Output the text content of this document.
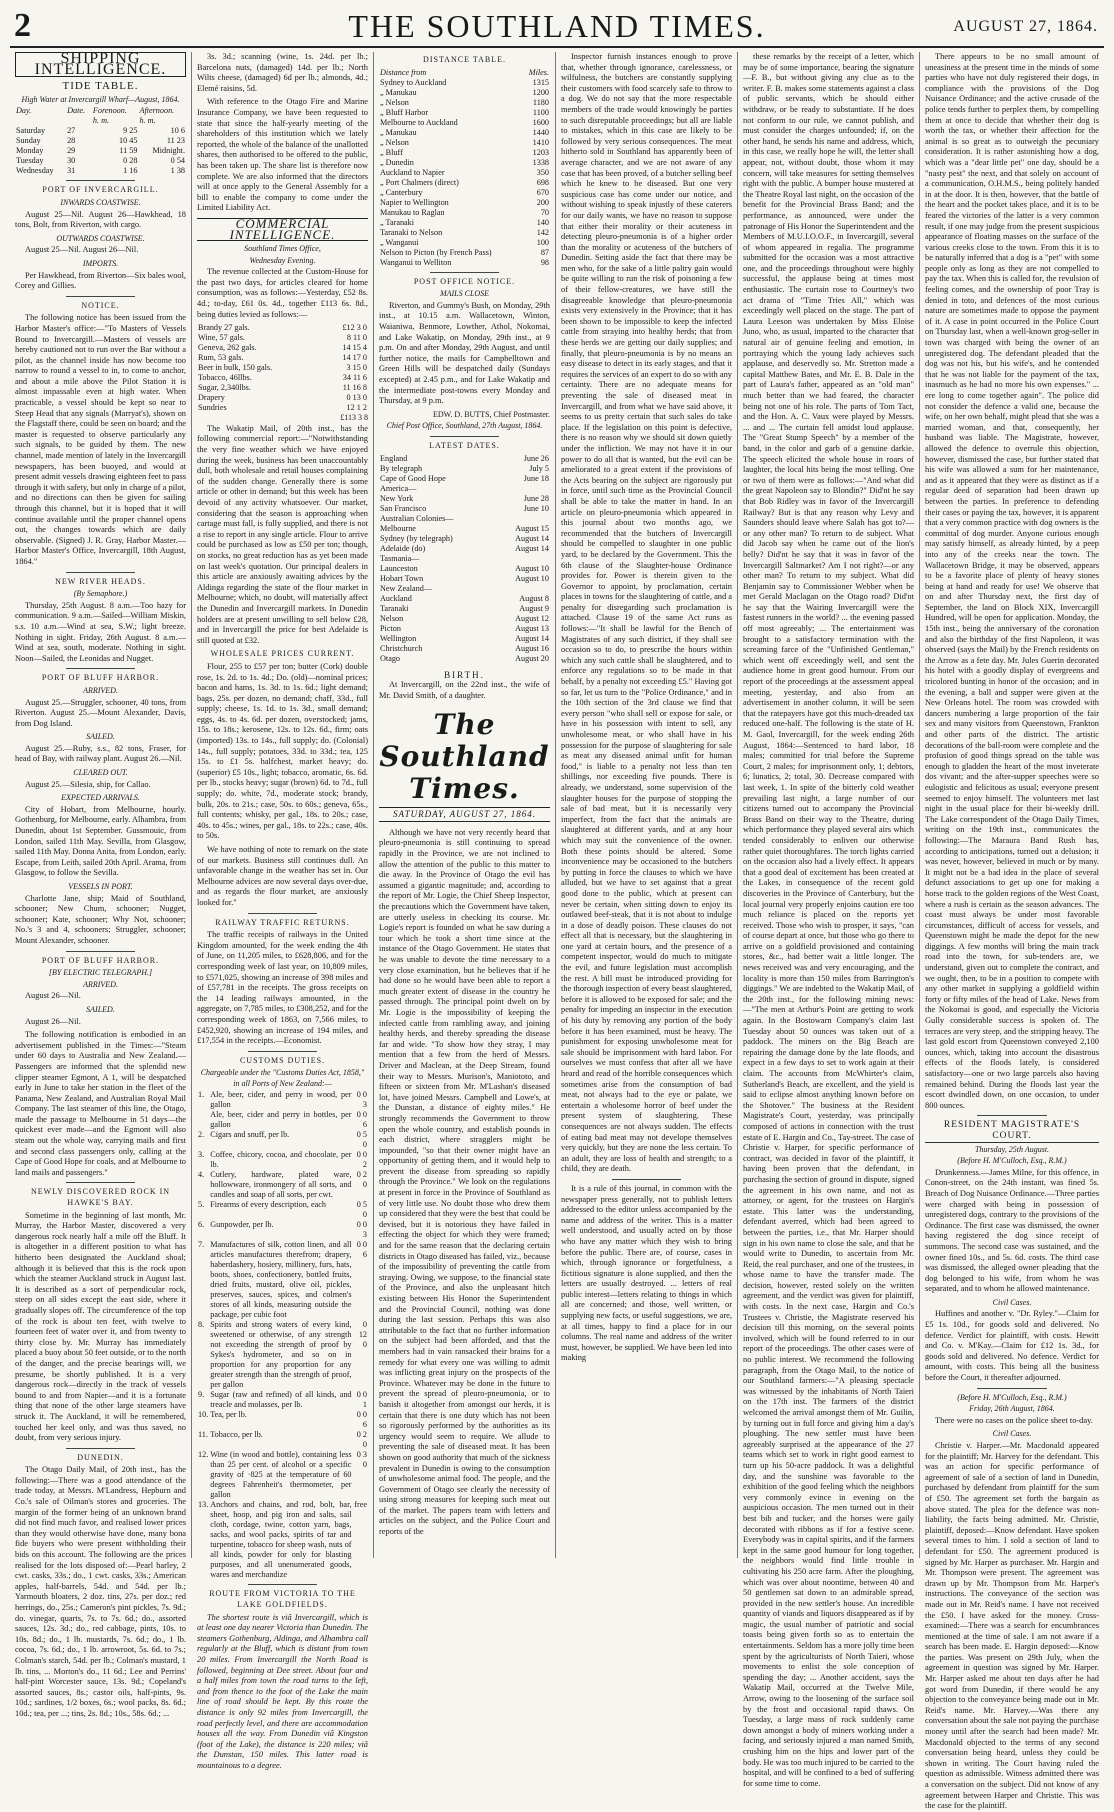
2	THE SOUTHLAND TIMES.	AUGUST 27, 1864.
SHIPPING INTELLIGENCE.
TIDE TABLE.
High Water at Invercargill Wharf—August, 1864.
Day.	Date.	Forenoon.	Afternoon.
		h. m.	h. m.
Saturday	27	9 25	10 6
Sunday	28	10 45	11 23
Monday	29	11 59	Midnight.
Tuesday	30	0 28	0 54
Wednesday	31	1 16	1 38
PORT OF INVERCARGILL.
INWARDS COASTWISE.

August 25—Nil. August 26—Hawkhead, 18 tons, Bolt, from Riverton, with cargo.

OUTWARDS COASTWISE.

August 25—Nil. August 26—Nil.

IMPORTS.

Per Hawkhead, from Riverton—Six bales wool, Corey and Gillies.

NOTICE.

The following notice has been issued from the Harbor Master's office:—"To Masters of Vessels Bound to Invercargill.—Masters of vessels are hereby cautioned not to run over the Bar without a pilot, as the channel inside has now become too narrow to round a vessel to in, to come to anchor, and about a mile above the Pilot Station it is almost impassable even at high water. When practicable, a vessel should be kept so near to Steep Head that any signals (Marryat's), shown on the Flagstaff there, could be seen on board; and the master is requested to observe particularly any such signals, to be guided by them. The new channel, made mention of lately in the Invercargill newspapers, has been buoyed, and would at present admit vessels drawing eighteen feet to pass through it with safety, but only in charge of a pilot, and no directions can then be given for sailing through this channel, but it is hoped that it will continue available until the proper channel opens out, the changes towards which are daily observable. (Signed) J. R. Gray, Harbor Master.—Harbor Master's Office, Invercargill, 18th August, 1864."

NEW RIVER HEADS.
(By Semaphore.)

Thursday, 25th August. 8 a.m.—Too hazy for communication. 9 a.m.—Sailed—William Miskin, s.s. 10 a.m.—Wind at sea, S.W.; light breeze. Nothing in sight. Friday, 26th August. 8 a.m.—Wind at sea, south, moderate. Nothing in sight. Noon—Sailed, the Leonidas and Nugget.

PORT OF BLUFF HARBOR.
ARRIVED.

August 25.—Struggler, schooner, 40 tons, from Riverton. August 25.—Mount Alexander, Davis, from Dog Island.

SAILED.

August 25.—Ruby, s.s., 82 tons, Fraser, for head of Bay, with railway plant. August 26.—Nil.

CLEARED OUT.

August 25.—Silesia, ship, for Callao.

EXPECTED ARRIVALS.

City of Hobart, from Melbourne, hourly. Gothenburg, for Melbourne, early. Alhambra, from Dunedin, about 1st September. Gussmouic, from London, sailed 11th May. Sevilla, from Glasgow, sailed 11th May. Donna Anita, from London, early. Escape, from Leith, sailed 20th April. Arama, from Glasgow, to follow the Sevilla.

VESSELS IN PORT.

Charlotte Jane, ship; Maid of Southland, schooner; New Chum, schooner; Nugget, schooner; Kate, schooner; Why Not, schooner; No.'s 3 and 4, schooners; Struggler, schooner; Mount Alexander, schooner.

PORT OF BLUFF HARBOR.
[BY ELECTRIC TELEGRAPH.]
ARRIVED.

August 26—Nil.

SAILED.

August 26—Nil.

The following notification is embodied in an advertisement published in the Times:—"Steam under 60 days to Australia and New Zealand.—Passengers are informed that the splendid new clipper steamer Egmont, A 1, will be despatched early in June to take her station in the fleet of the Panama, New Zealand, and Australian Royal Mail Company. The last steamer of this line, the Otago, made the passage to Melbourne in 51 days—the quickest ever made—and the Egmont will also steam out the whole way, carrying mails and first and second class passengers only, calling at the Cape of Good Hope for coals, and at Melbourne to land mails and passengers."

NEWLY DISCOVERED ROCK IN HAWKE'S BAY.

Sometime in the beginning of last month, Mr. Murray, the Harbor Master, discovered a very dangerous rock nearly half a mile off the Bluff. It is altogether in a different position to what has hitherto been designated the Auckland shoal; although it is believed that this is the rock upon which the steamer Auckland struck in August last. It is described as a sort of perpendicular rock, steep on all sides except the east side, where it gradually slopes off. The circumference of the top of the rock is about ten feet, with twelve to fourteen feet of water over it, and from twenty to thirty close by. Mr. Murray has immediately placed a buoy about 50 feet outside, or to the north of the danger, and the precise bearings will, we presume, be shortly published. It is a very dangerous rock—directly in the track of vessels bound to and from Napier—and it is a fortunate thing that none of the other large steamers have struck it. The Auckland, it will be remembered, touched her keel only, and was thus saved, no doubt, from very serious injury.

DUNEDIN.

The Otago Daily Mail, of 20th inst., has the following:—There was a good attendance of the trade today, at Messrs. M'Landress, Hepburn and Co.'s sale of Oilman's stores and groceries. The margin of the former being of an unknown brand did not find much favor, and realised lower prices than they would otherwise have done, many bona fide buyers who were present withholding their bids on this account. The following are the prices realised for the lots disposed of:—Pearl barley, 2 cwt. casks, 33s.; do., 1 cwt. casks, 33s.; American apples, half-barrels, 54d. and 54d. per lb.; Yarmouth bloaters, 2 doz. tins, 27s. per doz.; red herrings, do., 25s.; Cameron's pint pickles, 7s. 9d.; do. vinegar, quarts, 7s. to 7s. 6d.; do., assorted sauces, 12s. 3d.; do., red cabbage, pints, 10s. to 10s. 8d.; do., 1 lb. mustards, 7s. 6d.; do., 1 lb. cocoa, 7s. 6d.; do., 1 lb. arrowroot, 5s. 6d. to 7s.; Colman's starch, 54d. per lb.; Colman's mustard, 1 lb. tins, ... Morton's do., 11 6d.; Lee and Perrins' half-pint Worcester sauce, 13s. 9d.; Copeland's assorted sauces, 8s.; castor oils, half-pints, 9s. 10d.; sardines, 1/2 boxes, 6s.; wool packs, 8s. 6d.; 10d.; tea, per ...; tins, 2s. 8d.; 10s., 58s. 6d.; ...

3s. 3d.; scanning (wine, 1s. 24d. per lb.; Barcelona nuts, (damaged) 14d. per lb.; North Wilts cheese, (damaged) 6d per lb.; almonds, 4d.; Elemé raisins, 5d.

With reference to the Otago Fire and Marine Insurance Company, we have been requested to state that since the half-yearly meeting of the shareholders of this institution which we lately reported, the whole of the balance of the unallotted shares, then authorised to be offered to the public, has been taken up. The share list is therefore now complete. We are also informed that the directors will at once apply to the General Assembly for a bill to enable the company to come under the Limited Liability Act.

COMMERCIAL INTELLIGENCE.
Southland Times Office,
Wednesday Evening.

The revenue collected at the Custom-House for the past two days, for articles cleared for home consumption, was as follows:—Yesterday, £52 8s. 4d.; to-day, £61 0s. 4d., together £113 6s. 8d., being duties levied as follows:—

Brandy 27 gals.	£12 3 0
Wine, 57 gals.	8 11 0
Geneva, 262 gals.	14 15 4
Rum, 53 gals.	14 17 0
Beer in bulk, 150 gals.	3 15 0
Tobacco, 46llbs.	34 11 6
Sugar, 2,340lbs.	11 16 8
Drapery	0 13 0
Sundries	12 1 2
£113 3 8

The Wakatip Mail, of 20th inst., has the following commercial report:—"Notwithstanding the very fine weather which we have enjoyed during the week, business has been unaccountably dull, both wholesale and retail houses complaining of the sudden change. Generally there is some article or other in demand; but this week has been devoid of any activity whatsoever. Our market, considering that the season is approaching when cartage must fall, is fully supplied, and there is not a rise to report in any single article. Flour to arrive could be purchased as low as £50 per ton; though, on stocks, no great reduction has as yet been made on last week's quotation. Our principal dealers in this article are anxiously awaiting advices by the Aldinga regarding the state of the flour market in Melbourne; which, no doubt, will materially affect the Dunedin and Invercargill markets. In Dunedin holders are at present unwilling to sell below £28, and in Invercargill the price for best Adelaide is still quoted at £32.

WHOLESALE PRICES CURRENT.

Flour, 255 to £57 per ton; butter (Cork) double rose, 1s. 2d. to 1s. 4d.; Do. (old)—nominal prices; bacon and hams, 1s. 3d. to 1s. 6d.; light demand; bags, 25s. per dozen, no demand; chaff, 33d., full supply; cheese, 1s. 1d. to 1s. 3d., small demand; eggs, 4s. to 4s. 6d. per dozen, overstocked; jams, 15s. to 18s.; kerosene, 12s. to 12s. 6d., firm; oats (imported) 13s. to 14s., full supply; do. (Colonial) 14s., full supply; potatoes, 33d. to 33d.; tea, 125 15s. to £1 5s. halfchest, market heavy; do. (superior) £5 10s., light; tobacco, aromatic, 6s. 6d. per lb., stocks heavy; sugar (brown) 6d. to 7d., full supply; do. white, 7d., moderate stock; brandy, bulk, 20s. to 21s.; case, 50s. to 60s.; geneva, 65s., full contents; whisky, per gal., 18s. to 20s.; case, 40s. to 45s.; wines, per gal., 18s. to 22s.; case, 40s. to 50s.

We have nothing of note to remark on the state of our markets. Business still continues dull. An unfavorable change in the weather has set in. Our Melbourne advices are now several days over-due, and as regards the flour market, are anxiously looked for."

RAILWAY TRAFFIC RETURNS.

The traffic receipts of railways in the United Kingdom amounted, for the week ending the 4th of June, on 11,205 miles, to £628,806, and for the corresponding week of last year, on 10,809 miles, to £571,025, showing an increase of 398 miles and of £57,781 in the receipts. The gross receipts on the 14 leading railways amounted, in the aggregate, on 7,785 miles, to £308,252, and for the corresponding week of 1863, on 7,566 miles, to £452,920, showing an increase of 194 miles, and £17,554 in the receipts.—Economist.

CUSTOMS DUTIES.
Chargeable under the "Customs Duties Act, 1858," in all Ports of New Zealand:—
1.	Ale, beer, cider, and perry in wood, per gallon	0 0 3
	Ale, beer, cider and perry in bottles, per gallon	0 0 6
2.	Cigars and snuff, per lb.	0 5 0
3.	Coffee, chicory, cocoa, and chocolate, per lb.	0 0 2
4.	Cutlery, hardware, plated ware, hollowware, ironmongery of all sorts, and candles and soap of all sorts, per cwt.	0 2 0
5.	Firearms of every description, each	0 5 0
6.	Gunpowder, per lb.	0 0 3
7.	Manufactures of silk, cotton linen, and all articles manufactures therefrom; drapery, haberdashery, hosiery, millinery, furs, hats, boots, shoes, confectionery, bottled fruits, dried fruits, mustard, olive oil, pickles, preserves, sauces, spices, and colmen's stores of all kinds, measuring outside the package, per cubic foot	0 0 6
8.	Spirits and strong waters of every kind, sweetened or otherwise, of any strength not exceeding the strength of proof by Sykes's hydrometer, and so on in proportion for any proportion for any greater strength than the strength of proof, per gallon	0 12 0
9.	Sugar (raw and refined) of all kinds, and treacle and molasses, per lb.	0 0 1
10.	Tea, per lb.	0 0 6
11.	Tobacco, per lb.	0 2 0
12.	Wine (in wood and bottle), containing less than 25 per cent. of alcohol or a specific gravity of ·825 at the temperature of 60 degrees Fahrenheit's thermometer, per gallon	0 3 0
13.	Anchors and chains, and rod, bolt, bar, sheet, hoop, and pig iron and salts, sail cloth, cordage, twine, cotton yarn, bags, sacks, and wool packs, spirits of tar and turpentine, tobacco for sheep wash, nuts of all kinds, powder for only for blasting purposes, and all unenumerated goods, wares and merchandize	free
ROUTE FROM VICTORIA TO THE LAKE GOLDFIELDS.

The shortest route is viâ Invercargill, which is at least one day nearer Victoria than Dunedin. The steamers Gothenburg, Aldinga, and Alhambra call regularly at the Bluff, which is distant from town 20 miles. From Invercargill the North Road is followed, beginning at Dee street. About four and a half miles from town the road turns to the left, and from thence to the foot of the Lake the main line of road should be kept. By this route the distance is only 92 miles from Invercargill, the road perfectly level, and there are accommodation houses all the way. From Dunedin viâ Kingston (foot of the Lake), the distance is 220 miles; viâ the Dunstan, 150 miles. This latter road is mountainous to a degree.

DISTANCE TABLE.
Distance from	Miles.
Sydney to Auckland	1315
„ Manukau	1200
„ Nelson	1180
„ Bluff Harbor	1100
Melbourne to Auckland	1600
„ Manukau	1440
„ Nelson	1410
„ Bluff	1203
„ Dunedin	1338
Auckland to Napier	350
„ Port Chalmers (direct)	698
„ Canterbury	670
Napier to Wellington	200
Manukau to Raglan	70
„ Taranaki	140
Taranaki to Nelson	142
„ Wanganui	100
Nelson to Picton (by French Pass)	87
Wanganui to Welliton	98
POST OFFICE NOTICE.
MAILS CLOSE

Riverton, and Gummy's Bush, on Monday, 29th inst., at 10.15 a.m. Wallacetown, Winton, Waianiwa, Benmore, Lowther, Athol, Nokomai, and Lake Wakatip, on Monday, 29th inst., at 9 p.m. On and after Monday, 29th August, and until further notice, the mails for Campbelltown and Green Hills will be despatched daily (Sundays excepted) at 2.45 p.m., and for Lake Wakatip and the intermediate post-towns every Monday and Thursday, at 9 p.m.

EDW. D. BUTTS, Chief Postmaster.
Chief Post Office, Southland, 27th August, 1864.
LATEST DATES.
England	June 26
By telegraph	July 5
Cape of Good Hope	June 18
America—	
New York	June 28
San Francisco	June 10
Australian Colonies—	
Melbourne	August 15
Sydney (by telegraph)	August 14
Adelaide (do)	August 14
Tasmania—	
Launceston	August 10
Hobart Town	August 10
New Zealand—	
Auckland	August 8
Taranaki	August 9
Nelson	August 12
Picton	August 13
Wellington	August 14
Christchurch	August 16
Otago	August 20
BIRTH.

At Invercargill, on the 22nd inst., the wife of Mr. David Smith, of a daughter.

The Southland Times.
SATURDAY, AUGUST 27, 1864.

Although we have not very recently heard that pleuro-pneumonia is still continuing to spread rapidly in the Province, we are not inclined to allow the attention of the public to this matter to die away. In the Province of Otago the evil has assumed a gigantic magnitude; and, according to the report of Mr. Logie, the Chief Sheep Inspector, the precautions which the Government have taken, are utterly useless in checking its course. Mr. Logie's report is founded on what he saw during a tour which he took a short time since at the instance of the Otago Government. He states that he was unable to devote the time necessary to a very close examination, but he believes that if he had done so he would have been able to report a much greater extent of disease in the country he passed through. The principal point dwelt on by Mr. Logie is the impossibility of keeping the infected cattle from rambling away, and joining healthy herds, and thereby spreading the disease far and wide. "To show how they stray, I may mention that a few from the herd of Messrs. Driver and Maclean, at the Deep Stream, found their way to Messrs. Murison's, Maniototo, and fifteen or sixteen from Mr. M'Lashan's diseased lot, have joined Messrs. Campbell and Lowe's, at the Dunstan, a distance of eighty miles." He strongly recommends the Government to throw open the whole country, and establish pounds in each district, where stragglers might be impounded, "so that their owner might have an opportunity of getting them, and it would help to prevent the disease from spreading so rapidly through the Province." We look on the regulations at present in force in the Province of Southland as of very little use. No doubt those who drew them up considered that they were the best that could be devised, but it is notorious they have failed in effecting the object for which they were framed; and for the same reason that the declaring certain districts in Otago diseased has failed, viz., because of the impossibility of preventing the cattle from straying. Owing, we suppose, to the financial state of the Province, and also the unpleasant hitch existing between His Honor the Superintendent and the Provincial Council, nothing was done during the last session. Perhaps this was also attributable to the fact that no further information on the subject had been afforded, and that the members had in vain ransacked their brains for a remedy for what every one was willing to admit was inflicting great injury on the prospects of the Province. Whatever may be done in the future to prevent the spread of pleuro-pneumonia, or to banish it altogether from amongst our herds, it is certain that there is one duty which has not been so rigorously performed by the authorities as its urgency would seem to require. We allude to preventing the sale of diseased meat. It has been shown on good authority that much of the sickness prevalent in Dunedin is owing to the consumption of unwholesome animal food. The people, and the Government of Otago see clearly the necessity of using strong measures for keeping such meat out of the market. The papers team with letters and articles on the subject, and the Police Court and reports of the

Inspector furnish instances enough to prove that, whether through ignorance, carelessness, or wilfulness, the butchers are constantly supplying their customers with food scarcely safe to throw to a dog. We do not say that the more respectable members of the trade would knowingly be parties to such disreputable proceedings; but all are liable to mistakes, which in this case are likely to be followed by very serious consequences. The meat hitherto sold in Southland has apparently been of average character, and we are not aware of any case that has been proved, of a butcher selling beef which he knew to be diseased. But one very suspicious case has come under our notice, and without wishing to speak injustly of these caterers for our daily wants, we have no reason to suppose that either their morality or their acuteness in detecting pleuro-pneumonia is of a higher order than the morality or acuteness of the butchers of Dunedin. Setting aside the fact that there may be men who, for the sake of a little paltry gain would be quite willing to run the risk of poisoning a few of their fellow-creatures, we have still the disagreeable knowledge that pleuro-pneumonia exists very extensively in the Province; that it has been shown to be impossible to keep the infected cattle from straying into healthy herds; that from these herds we are getting our daily supplies; and finally, that pleuro-pneumonia is by no means an easy disease to detect in its early stages, and that it requires the services of an expert to do so with any certainty. There are no adequate means for preventing the sale of diseased meat in Invercargill, and from what we have said above, it seems to us pretty certain that such sales do take place. If the legislation on this point is defective, there is no reason why we should sit down quietly under the infliction. We may not have it in our power to do all that is wanted, but the evil can be ameliorated to a great extent if the provisions of the Acts bearing on the subject are rigorously put in force, until such time as the Provincial Council shall be able to take the matter in hand. In an article on pleuro-pneumonia which appeared in this journal about two months ago, we recommended that the butchers of Invercargill should be compelled to slaughter in one public yard, to be declared by the Government. This the 6th clause of the Slaughter-house Ordinance provides for. Power is therein given to the Governor to appoint, by proclamation, certain places in towns for the slaughtering of cattle, and a penalty for disregarding such proclamation is attached. Clause 19 of the same Act runs as follows:—"It shall be lawful for the Bench of Magistrates of any such district, if they shall see occasion so to do, to prescribe the hours within which any such cattle shall be slaughtered, and to enforce any regulations so to be made in that behalf, by a penalty not exceeding £5." Having got so far, let us turn to the "Police Ordinance," and in the 10th section of the 3rd clause we find that every person "who shall sell or expose for sale, or have in his possession with intent to sell, any unwholesome meat, or who shall have in his possession for the purpose of slaughtering for sale as meat any diseased animal unfit for human food," is liable to a penalty not less than ten shillings, nor exceeding five pounds. There is already, we understand, some supervision of the slaughter houses for the purpose of stopping the sale of bad meat, but it is necessarily very imperfect, from the fact that the animals are slaughtered at different yards, and at any hour which may suit the convenience of the owner. Both these points should be altered. Some inconvenience may be occasioned to the butchers by putting in force the clauses to which we have alluded, but we have to set against that a great good done to the public, which at present can never be certain, when sitting down to enjoy its outlawed beef-steak, that it is not about to indulge in a dose of deadly poison. These clauses do not effect all that is necessary, but the slaughtering in one yard at certain hours, and the presence of a competent inspector, would do much to mitigate the evil, and future legislation must accomplish the rest. A bill must be introduced providing for the thorough inspection of every beast slaughtered, before it is allowed to be exposed for sale; and the penalty for impeding an inspector in the execution of his duty by removing any portion of the body before it has been examined, must be heavy. The punishment for exposing unwholesome meat for sale should be imprisonment with hard labor. For ourselves we must confess that after all we have heard and read of the horrible consequences which sometimes arise from the consumption of bad meat, not always had to the eye or palate, we entertain a wholesome horror of beef under the present system of slaughtering. These consequences are not always sudden. The effects of eating bad meat may not develope themselves very quickly, but they are none the less certain. To an adult, they are loss of health and strength; to a child, they are death.

It is a rule of this journal, in common with the newspaper press generally, not to publish letters addressed to the editor unless accompanied by the name and address of the writer. This is a matter well understood, and usually acted on by those who have any matter which they wish to bring before the public. There are, of course, cases in which, through ignorance or forgetfulness, a fictitious signature is alone supplied, and then the letters are usually destroyed. ... letters of real public interest—letters relating to things in which all are concerned; and those, well written, or supplying new facts, or useful suggestions, we are, at all times, happy to find a place for in our columns. The real name and address of the writer must, however, be supplied. We have been led into making

these remarks by the receipt of a letter, which may be of some importance, bearing the signature —F. B., but without giving any clue as to the writer. F. B. makes some statements against a class of public servants, which he should either withdraw, or be ready to substantiate. If he does not conform to our rule, we cannot publish, and must consider the charges unfounded; if, on the other hand, he sends his name and address, which, in this case, we really hope he will, the letter shall appear, not, without doubt, those whom it may concern, will take measures for setting themselves right with the public. A bumper house mustered at the Theatre Royal last night, on the occasion of the benefit for the Provincial Brass Band; and the performance, as announced, were under the patronage of His Honor the Superintendent and the Members of M.U.I.O.O.F., in Invercargill, several of whom appeared in regalia. The programme submitted for the occasion was a most attractive one, and the proceedings throughout were highly successful, the applause being at times most enthusiastic. The curtain rose to Courtney's two act drama of "Time Tries All," which was exceedingly well placed on the stage. The part of Laura Leeson was undertaken by Miss Eloise Juno, who, as usual, imparted to the character that natural air of genuine feeling and emotion, in portraying which the young lady achieves such applause, and deservedly so. Mr. Stretton made a capital Matthew Bates, and Mr. E. B. Dale in the part of Laura's father, appeared as an "old man" much better than we had feared, the character being not one of his role. The parts of Tom Tact, and the Hon. A. C. Vaux were played by Messrs. ... and ... The curtain fell amidst loud applause. The "Great Stump Speech" by a member of the band, in the color and garb of a genuine darkie. The speech elicited the whole house in roars of laughter, the local hits being the most telling. One or two of them were as follows:—"And what did the great Napoleon say to Blondin?" Did'nt he say that Bob Ridley was in favor of the Invercargill Railway? But is that any reason why Levy and Saunders should leave where Salah has got to?—or any other man? To return to de subject. What did Jacob say when he came out of the lion's belly? Did'nt he say that it was in favor of the Invercargill Saltmarket? Am I not right?—or any other man? To return to my subject. What did Benjamin say to Commissioner Webber when he met Gerald Maclagan on the Otago road? Did'nt he say that the Wairing Invercargill were the fastest runners in the world? ... the evening passed off most agreeably; ... The entertainment was brought to a satisfactory termination with the screaming farce of the "Unfinished Gentleman," which went off exceedingly well, and sent the audience home in great good humour. From our report of the proceedings at the assessment appeal meeting, yesterday, and also from an advertisement in another column, it will be seen that the ratepayers have got this much-dreaded tax reduced one-half. The following is the state of H. M. Gaol, Invercargill, for the week ending 26th August, 1864:—Sentenced to hard labor, 18 males; committed for trial before the Supreme Court, 2 males; for imprisonment only, 1; debtors, 6; lunatics, 2; total, 30. Decrease compared with last week, 1. In spite of the bitterly cold weather prevailing last night, a large number of our citizens turned out to accompany the Provincial Brass Band on their way to the Theatre, during which performance they played several airs which tended considerably to enliven our otherwise rather quiet thoroughfares. The torch lights carried on the occasion also had a lively effect. It appears that a good deal of excitement has been created at the Lakes, in consequence of the recent gold discoveries in the Province of Canterbury, but the local journal very properly enjoins caution ere too much reliance is placed on the reports yet received. Those who wish to prosper, it says, "can of course depart at once, but those who go there to arrive on a goldfield provisioned and containing stores, &c., had better wait a little longer. The news received was and very encouraging, and the locality is more than 150 miles from Barrington's diggings." We are indebted to the Wakatip Mail, of the 20th inst., for the following mining news:—"The men at Arthur's Point are getting to work again. In the Bostowarn Company's claim last Tuesday about 50 ounces was taken out of a paddock. The miners on the Big Beach are repairing the damage done by the late floods, and expect in a few days to set to work again at their claim. The accounts from McWhirter's claim, Sutherland's Beach, are excellent, and the yield is said to eclipse almost anything known before on the Shotover." The business at the Resident Magistrate's Court, yesterday, was principally composed of actions in connection with the trust estate of E. Hargin and Co., Tay-street. The case of Christie v. Harper, for specific performance of contract, was decided in favor of the plaintiff, it having been proven that the defendant, in purchasing the section of ground in dispute, signed the agreement in his own name, and not as attorney, or agent, for the trustees on Hargin's estate. This latter was the understanding, defendant averred, which had been agreed to between the parties, i.e., that Mr. Harper should sign in his own name to close the sale, and that he would write to Dunedin, to ascertain from Mr. Reid, the real purchaser, and one of the trustees, in whose name to have the transfer made. The decision, however, rested solely on the written agreement, and the verdict was given for plaintiff, with costs. In the next case, Hargin and Co.'s Trustees v. Christie, the Magistrate reserved his decision till this morning, on the several points involved, which will be found referred to in our report of the proceedings. The other cases were of no public interest. We recommend the following paragraph, from the Otago Mail, to the notice of our Southland farmers:—"A pleasing spectacle was witnessed by the inhabitants of North Taieri on the 17th inst. The farmers of the district welcomed the arrival amongst them of Mr. Guilin, by turning out in full force and giving him a day's ploughing. The new settler must have been agreeably surprised at the appearance of the 27 teams which set to work in right good earnest to turn up his 50-acre paddock. It was a delightful day, and the sunshine was favorable to the exhibition of the good feeling which the neighbors very commonly evince in evening on the auspicious occasion. The men turned out in their best bib and tucker, and the horses were gaily decorated with ribbons as if for a festive scene. Everybody was in capital spirits, and if the farmers kept in the same good humour for long together, the neighbors would find little trouble in cultivating his 250 acre farm. After the ploughing, which was over about noontime, between 40 and 50 gentlemen sat down to an admirable spread, provided in the new settler's house. An incredible quantity of viands and liquors disappeared as if by magic, the usual number of patriotic and social toasts being given forth so as to entertain the entertainments. Seldom has a more jolly time been spent by the agriculturists of North Taieri, whose movements to enlist the sole conception of spending the day; ... Another accident, says the Wakatip Mail, occurred at the Twelve Mile, Arrow, owing to the loosening of the surface soil by the frost and occasional rapid thaws. On Tuesday, a large mass of rock suddenly came down amongst a body of miners working under a facing, and seriously injured a man named Smith, crushing him on the hips and lower part of the body. He was too much injured to be carried to the hospital, and will be confined to a bed of suffering for some time to come.

There appears to be no small amount of uneasiness at the present time in the minds of some parties who have not duly registered their dogs, in compliance with the provisions of the Dog Nuisance Ordinance; and the active crusade of the police tends further to perplex them, by compelling them at once to decide that whether their dog is worth the tax, or whether their affection for the animal is so great as to outweigh the pecuniary consideration. It is rather astonishing how a dog, which was a "dear little pet" one day, should be a "nasty pest" the next, and that solely on account of a communication, O.H.M.S., being politely handed in at the door. It is then, however, that the battle of the heart and the pocket takes place, and it is to be feared the victories of the latter is a very common result, if one may judge from the present suspicious appearance of floating masses on the surface of the various creeks close to the town. From this it is to be naturally inferred that a dog is a "pet" with some people only as long as they are not compelled to pay the tax. When this is called for, the revulsion of feeling comes, and the ownership of poor Tray is denied in toto, and defences of the most curious nature are sometimes made to oppose the payment of it. A case in point occurred in the Police Court on Thursday last, when a well-known grog-seller in town was charged with being the owner of an unregistered dog. The defendant pleaded that the dog was not his, but his wife's, and he contended that he was not liable for the payment of the tax, inasmuch as he had no more his own expenses." ... ere long to come together again". The police did not consider the defence a valid one, because the wife, on her own behalf, might plead that she was a married woman, and that, consequently, her husband was liable. The Magistrate, however, allowed the defence to overrule this objection, however, dismissed the case, but further stated that his wife was allowed a sum for her maintenance, and as it appeared that they were as distinct as if a regular deed of separation had been drawn up between the parties. In preference to defending their cases or paying the tax, however, it is apparent that a very common practice with dog owners is the committal of dog murder. Anyone curious enough may satisfy himself, as already hinted, by a peep into any of the creeks near the town. The Wallacetown Bridge, it may be observed, appears to be a favorite place of plenty of heavy stones being at hand and ready for use! We observe that on and after Thursday next, the first day of September, the land on Block XIX, Invercargill Hundred, will be open for application. Monday, the 15th inst., being the anniversary of the coronation and also the birthday of the first Napoleon, it was observed (says the Mail) by the French residents on the Arrow as a fete day. Mr. Jules Guerin decorated his hotel with a goodly display of evergreens and tricolored bunting in honor of the occasion; and in the evening, a ball and supper were given at the New Orleans hotel. The room was crowded with dancers numbering a large proportion of the fair sex and many visitors from Queenstown, Frankton and other parts of the district. The artistic decorations of the ball-room were complete and the profusion of good things spread on the table was enough to gladden the heart of the most inveterate dos vivant; and the after-supper speeches were so eulogistic and felicitous as usual; everyone present seemed to enjoy himself. The volunteers met last night in the usual place for their bi-weekly drill. The Lake correspondent of the Otago Daily Times, writing on the 19th inst., communicates the following:—The Maraura Band Rush has, according to anticipations, turned out a delusion; it was never, however, believed in much or by many. It might not be a bad idea in the place of several defunct associations to get up one for making a horse track to the golden regions of the West Coast, where a rush is certain as the season advances. The coast must always be under most favorable circumstances, difficult of access for vessels, and Queenstown might be made the depot for the new diggings. A few months will bring the main track road into the town, for sub-tenders are, we understand, given out to complete the contract, and we ought, then, to be in a position to compete with any other market in supplying a goldfield within forty or fifty miles of the head of Lake. News from the Nokomai is good, and especially the Victoria Gully considerable success is spoken of. The terraces are very steep, and the stripping heavy. The last gold escort from Queenstown conveyed 2,100 ounces, which, taking into account the disastrous effects of the floods lately, is considered satisfactory—one or two large parcels also having remained behind. During the floods last year the escort dwindled down, on one occasion, to under 800 ounces.

RESIDENT MAGISTRATE'S COURT.
Thursday, 25th August.
(Before H. M'Culloch, Esq., R.M.)

Drunkenness.—James Milne, for this offence, in Conon-street, on the 24th instant, was fined 5s. Breach of Dog Nuisance Ordinance.—Three parties were charged with being in possession of unregistered dogs, contrary to the provisions of the Ordinance. The first case was dismissed, the owner having registered the dog since receipt of summons. The second case was sustained, and the owner fined 10s., and 5s. 6d. costs. The third case was dismissed, the alleged owner pleading that the dog belonged to his wife, from whom he was separated, and to whom he allowed maintenance.

Civil Cases.

Huffines and another v. "Dr. Ryley."—Claim for £5 1s. 10d., for goods sold and delivered. No defence. Verdict for plaintiff, with costs. Hewitt and Co. v. M'Kay.—Claim for £12 1s. 3d., for goods sold and delivered. No defence. Verdict for amount, with costs. This being all the business before the Court, it thereafter adjourned.

(Before H. M'Culloch, Esq., R.M.)
Friday, 26th August, 1864.

There were no cases on the police sheet to-day.

Civil Cases.

Christie v. Harper.—Mr. Macdonald appeared for the plaintiff; Mr. Harvey for the defendant. This was an action for specific performance of agreement of sale of a section of land in Dunedin, purchased by defendant from plaintiff for the sum of £50. The agreement set forth the bargain as above stated. The plea for the defence was non-liability, the facts being admitted. Mr. Christie, plaintiff, deposed:—Know defendant. Have spoken several times to him. I sold a section of land to defendant for £50. The agreement produced is signed by Mr. Harper as purchaser. Mr. Hargin and Mr. Thompson were present. The agreement was drawn up by Mr. Thompson from Mr. Harper's instructions. The conveyance of the section was made out in Mr. Reid's name. I have not received the £50. I have asked for the money. Cross-examined:—There was a search for encumbrances mentioned at the time of sale. I am not aware if a search has been made. E. Hargin deposed:—Know the parties. Was present on 29th July, when the agreement in question was signed by Mr. Harper. Mr. Harper asked me about ten days after he had got word from Dunedin, if there would be any objection to the conveyance being made out in Mr. Reid's name. Mr. Harvey.—Was there any conversation about the sale not paying the purchase money until after the search had been made? Mr. Macdonald objected to the terms of any second conversation being heard, unless they could be shown in writing. The Court having ruled the question as admissible. Witness admitted there was a conversation on the subject. Did not know of any agreement between Harper and Christie. This was the case for the plaintiff.
